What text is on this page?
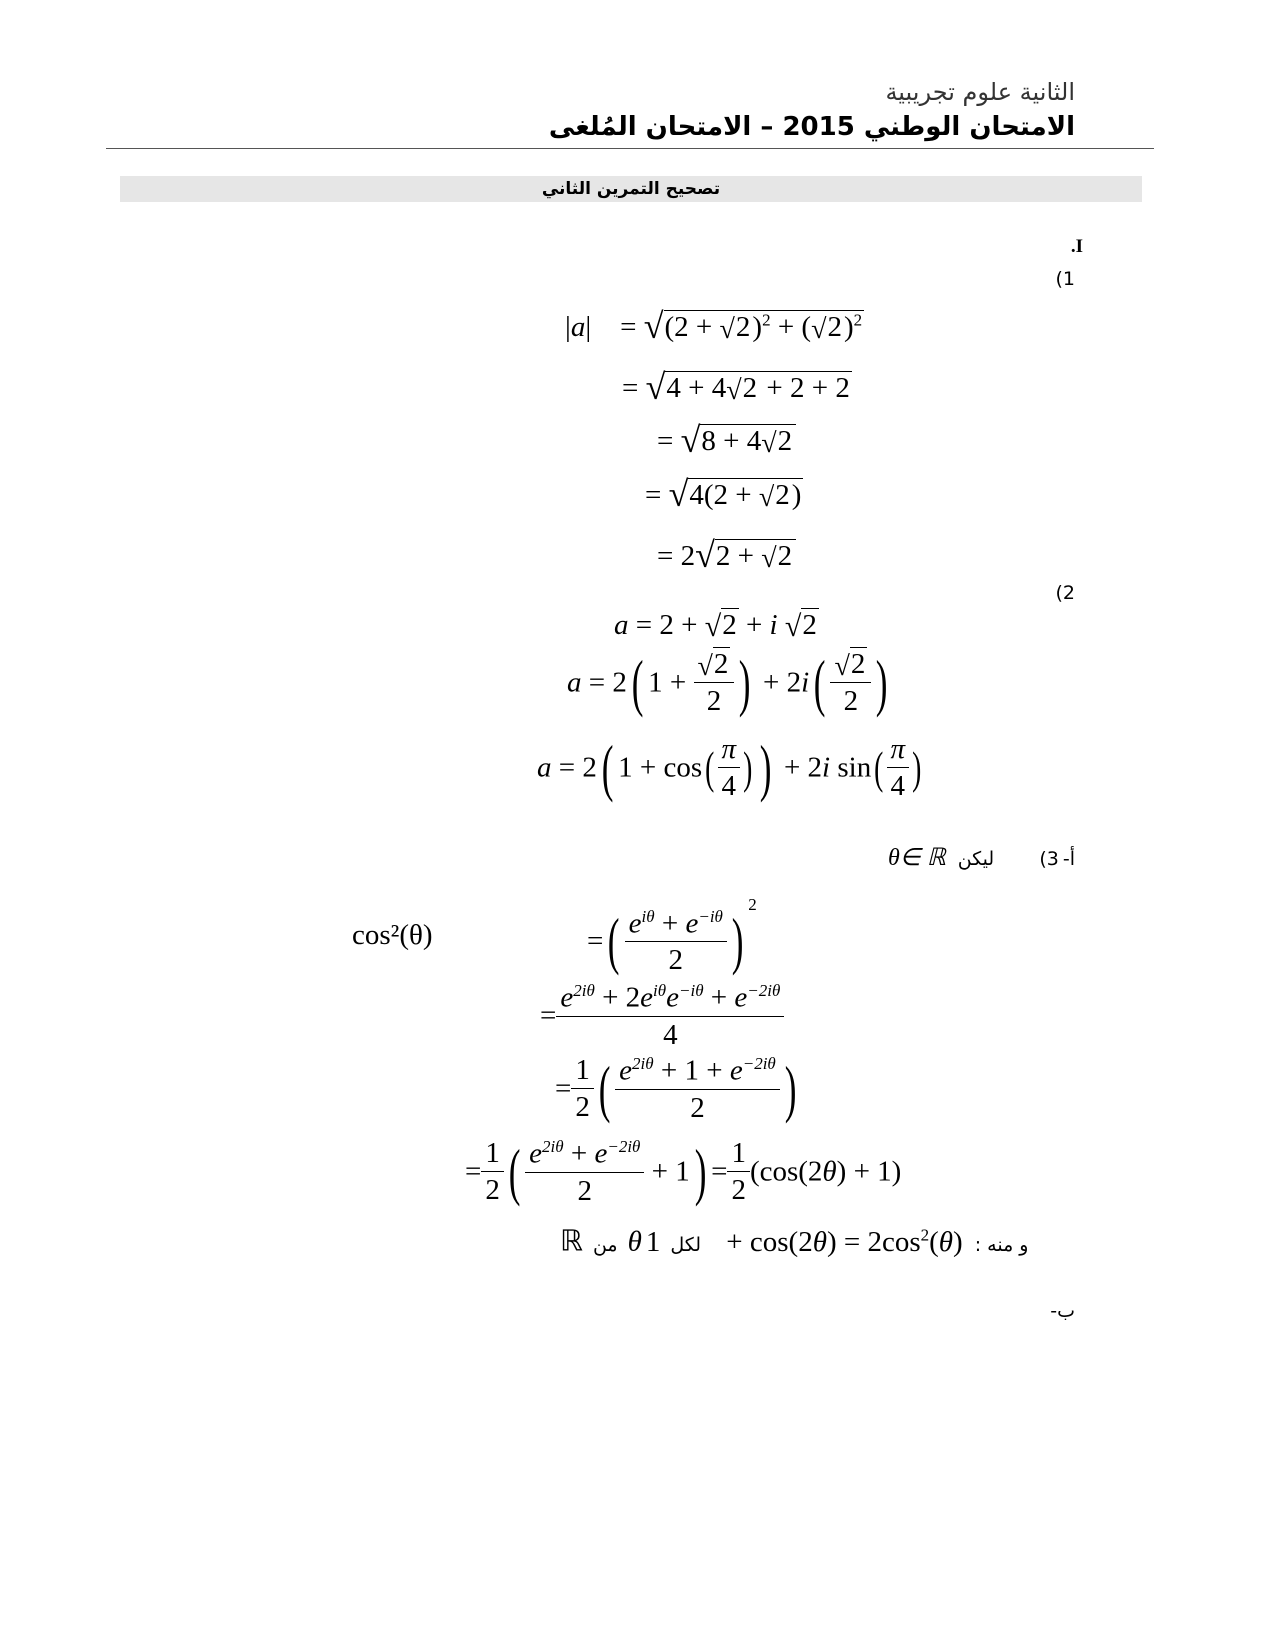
الثانية علوم تجريبية
الامتحان الوطني 2015 – الامتحان المُلغى
تصحيح التمرين الثاني
.I
(1
|a|    = $√(2 + √2)^2 + (√2)^2$
= √4 + 4√2 + 2 + 2
= √8 + 4√2
= √4(2 + √2)
= 2√2 + √2
(2
a = 2 + √2 + i √2
a = 2( $1 + \frac{√2}{2}$ ) + $2i( \frac{√2}{2}$ )
a = 2( $1 + \cos( \frac{\pi}{4}$ ) ) + 2i $\sin( \frac{\pi}{4}$ )
(3 أ-
θ∈ ℝ ليكن
cos²(θ)	=( $\frac{e^{i\theta} + e^{-i\theta}}{2} )^2$
= $\frac{e^{2i\theta} + 2e^{i\theta}e^{-i\theta} + e^{-2i\theta}}{4}$
= $\frac{1}{2}$ ( $\frac{e^{2i\theta} + 1 + e^{-2i\theta}}{2}$ )
= $\frac{1}{2}$ ( $\frac{e^{2i\theta} + e^{-2i\theta}}{2} + 1) = \frac{1}{2} (\cos(2\theta) + 1)$
ℝ من θ لكل $1 + \cos(2\theta) = 2\cos^2(\theta)$ و منه :
ب-
